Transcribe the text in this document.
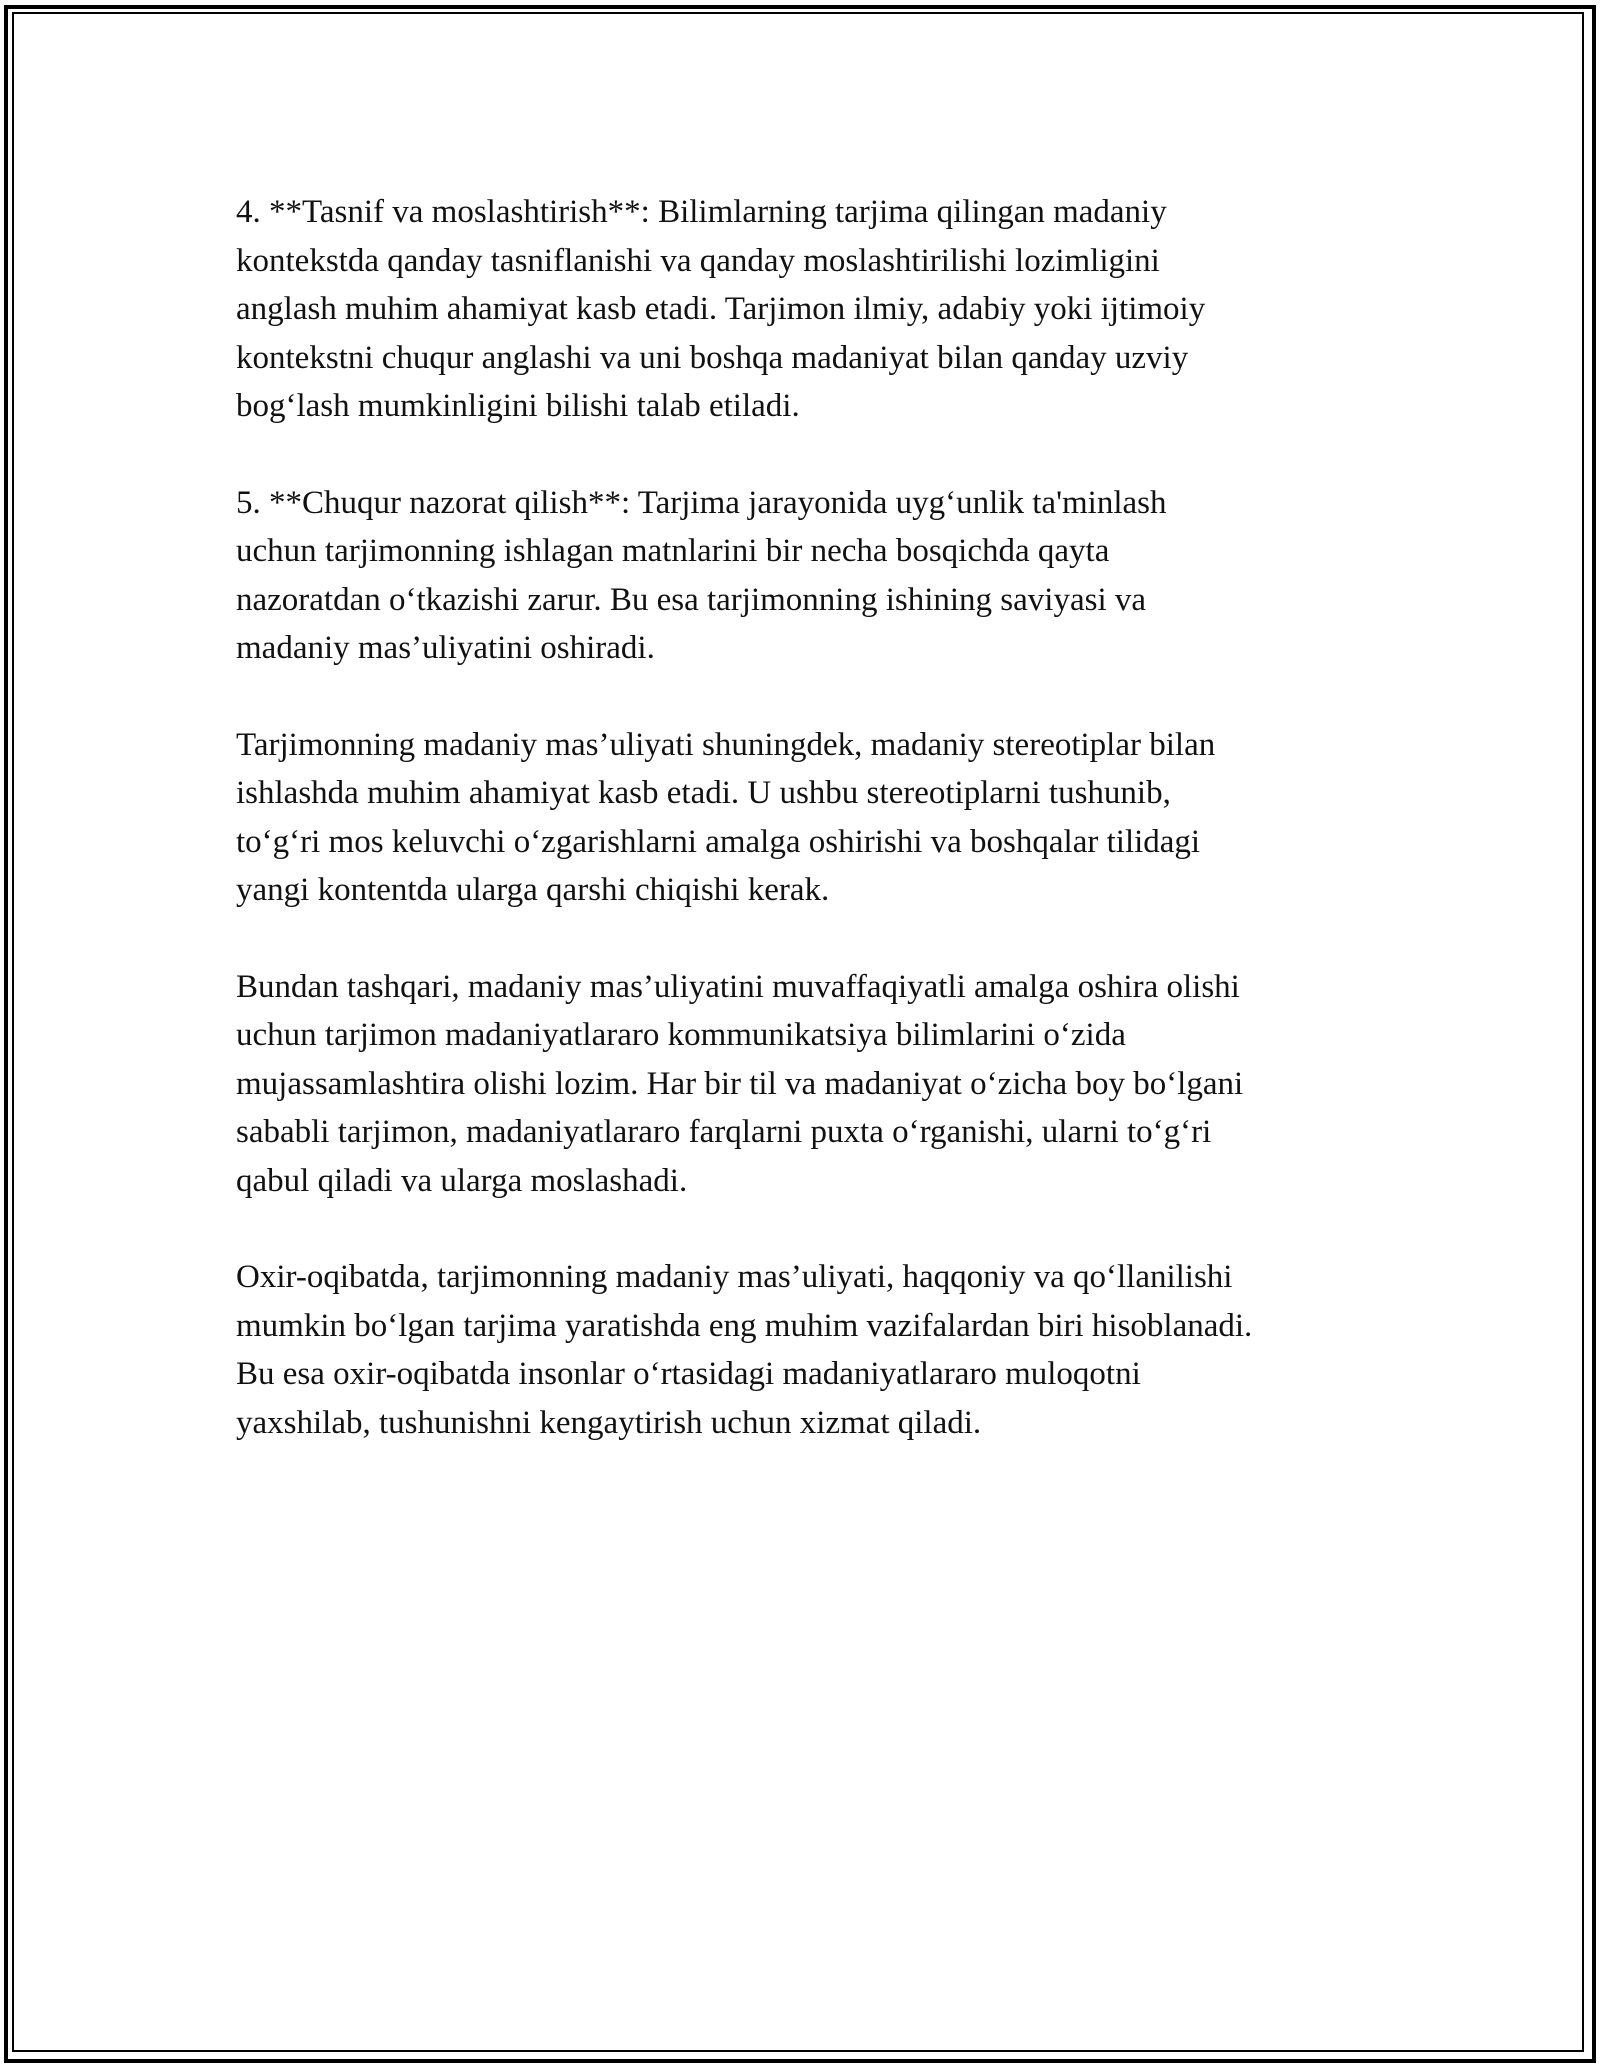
4. **Tasnif va moslashtirish**: Bilimlarning tarjima qilingan madaniy
kontekstda qanday tasniflanishi va qanday moslashtirilishi lozimligini
anglash muhim ahamiyat kasb etadi. Tarjimon ilmiy, adabiy yoki ijtimoiy
kontekstni chuqur anglashi va uni boshqa madaniyat bilan qanday uzviy
bog‘lash mumkinligini bilishi talab etiladi.

5. **Chuqur nazorat qilish**: Tarjima jarayonida uyg‘unlik ta'minlash
uchun tarjimonning ishlagan matnlarini bir necha bosqichda qayta
nazoratdan o‘tkazishi zarur. Bu esa tarjimonning ishining saviyasi va
madaniy mas’uliyatini oshiradi.

Tarjimonning madaniy mas’uliyati shuningdek, madaniy stereotiplar bilan
ishlashda muhim ahamiyat kasb etadi. U ushbu stereotiplarni tushunib,
to‘g‘ri mos keluvchi o‘zgarishlarni amalga oshirishi va boshqalar tilidagi
yangi kontentda ularga qarshi chiqishi kerak.

Bundan tashqari, madaniy mas’uliyatini muvaffaqiyatli amalga oshira olishi
uchun tarjimon madaniyatlararo kommunikatsiya bilimlarini o‘zida
mujassamlashtira olishi lozim. Har bir til va madaniyat o‘zicha boy bo‘lgani
sababli tarjimon, madaniyatlararo farqlarni puxta o‘rganishi, ularni to‘g‘ri
qabul qiladi va ularga moslashadi.

Oxir-oqibatda, tarjimonning madaniy mas’uliyati, haqqoniy va qo‘llanilishi
mumkin bo‘lgan tarjima yaratishda eng muhim vazifalardan biri hisoblanadi.
Bu esa oxir-oqibatda insonlar o‘rtasidagi madaniyatlararo muloqotni
yaxshilab, tushunishni kengaytirish uchun xizmat qiladi.
